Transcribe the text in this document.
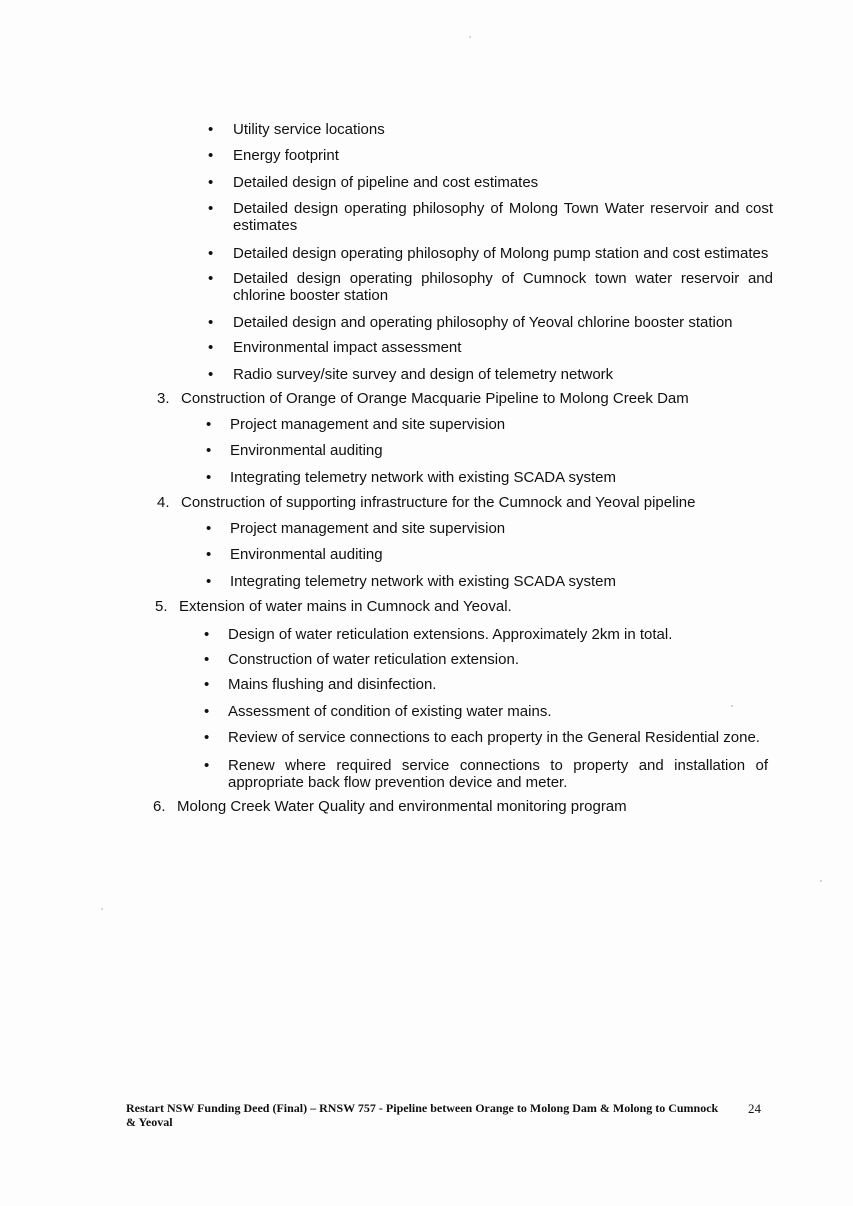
•	Utility service locations
•	Energy footprint
•	Detailed design of pipeline and cost estimates
•	Detailed design operating philosophy of Molong Town Water reservoir and cost estimates
•	Detailed design operating philosophy of Molong pump station and cost estimates
•	Detailed design operating philosophy of Cumnock town water reservoir and chlorine booster station
•	Detailed design and operating philosophy of Yeoval chlorine booster station
•	Environmental impact assessment
•	Radio survey/site survey and design of telemetry network
3. Construction of Orange of Orange Macquarie Pipeline to Molong Creek Dam
•	Project management and site supervision
•	Environmental auditing
•	Integrating telemetry network with existing SCADA system
4. Construction of supporting infrastructure for the Cumnock and Yeoval pipeline
•	Project management and site supervision
•	Environmental auditing
•	Integrating telemetry network with existing SCADA system
5. Extension of water mains in Cumnock and Yeoval.
•	Design of water reticulation extensions. Approximately 2km in total.
•	Construction of water reticulation extension.
•	Mains flushing and disinfection.
•	Assessment of condition of existing water mains.
•	Review of service connections to each property in the General Residential zone.
•	Renew where required service connections to property and installation of appropriate back flow prevention device and meter.
6. Molong Creek Water Quality and environmental monitoring program
Restart NSW Funding Deed (Final) – RNSW 757 - Pipeline between Orange to Molong Dam & Molong to Cumnock & Yeoval
24
